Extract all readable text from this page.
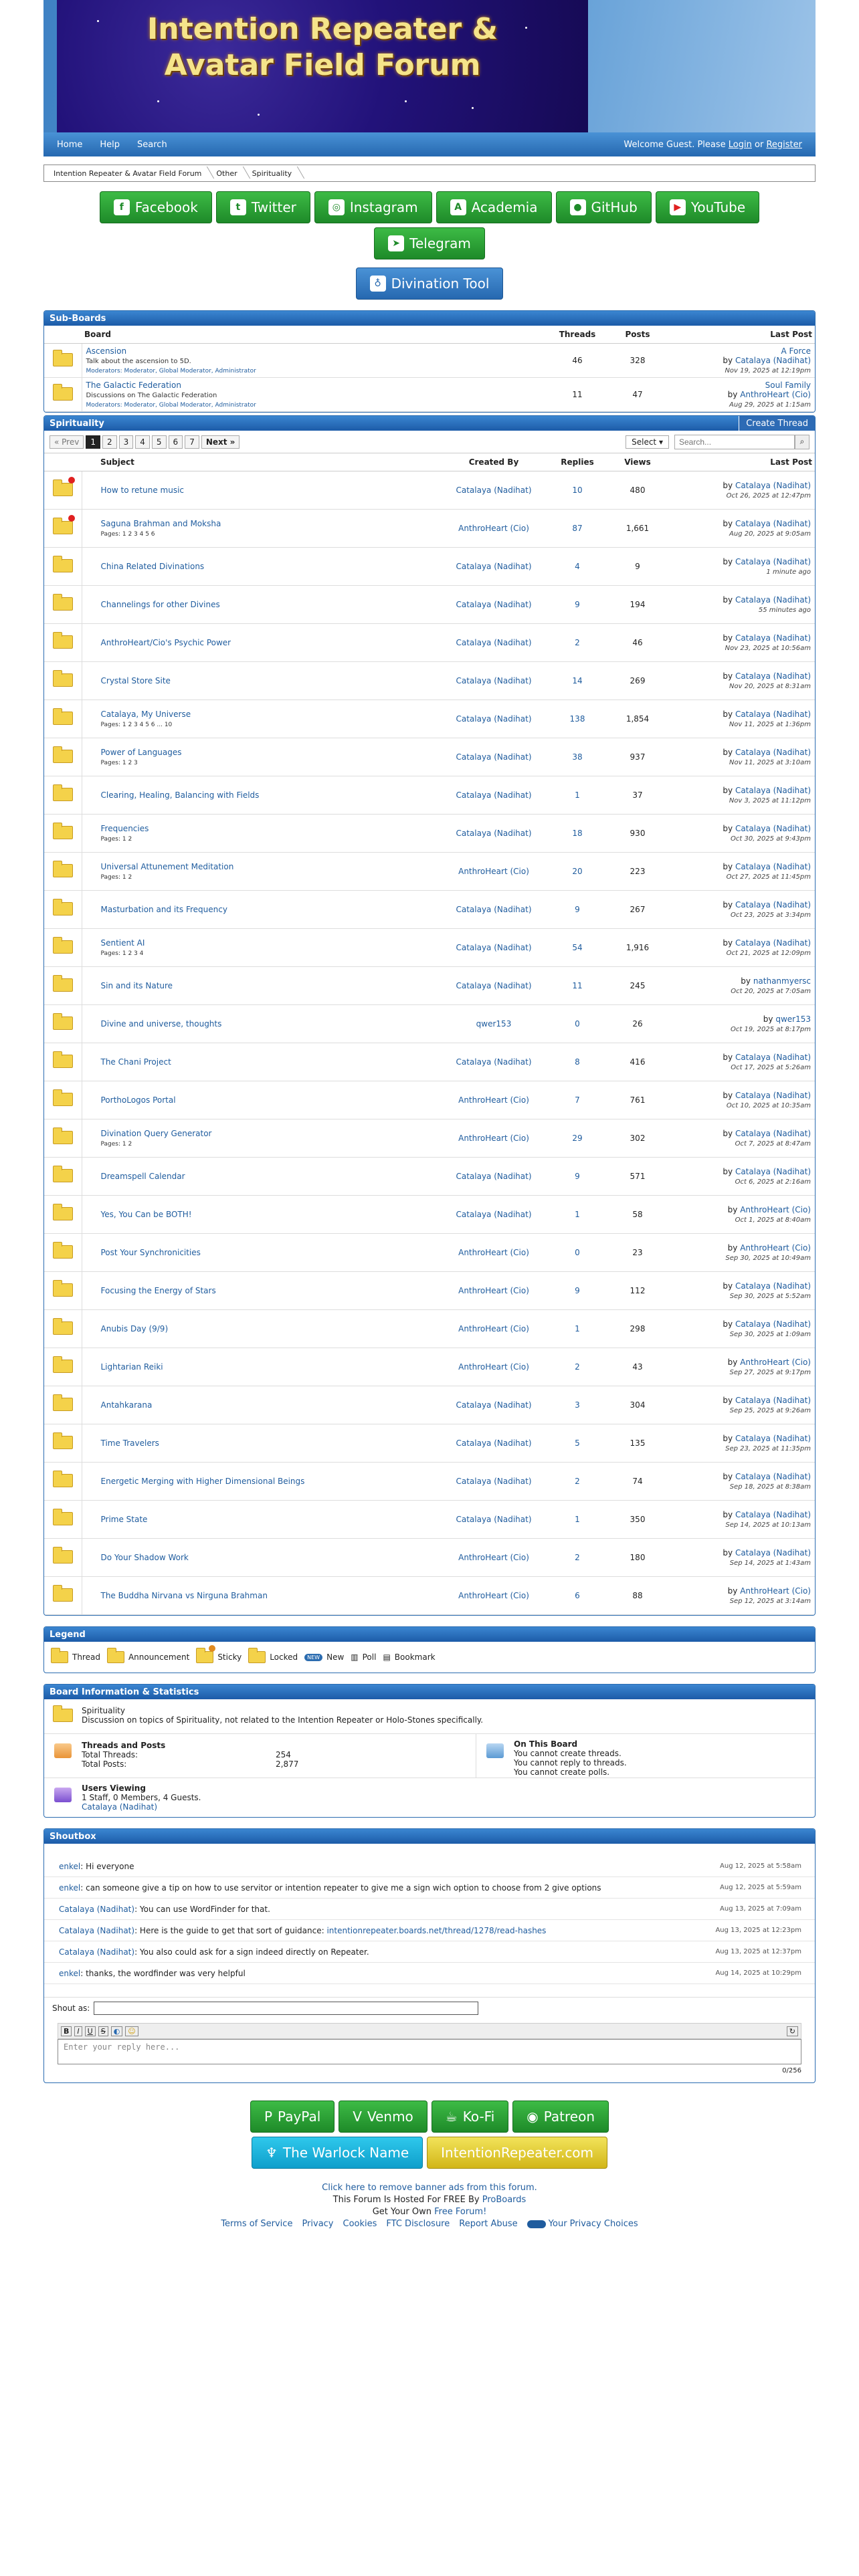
Intention Repeater &
Avatar Field Forum
Home Help Search	Welcome Guest. Please Login or Register
Intention Repeater & Avatar Field Forum	Other	Spirituality
f Facebook	t Twitter	◎ Instagram	A Academia	● GitHub	▶ YouTube
➤ Telegram
♁ Divination Tool
Sub-Boards
	Board	Threads	Posts	Last Post
	Ascension
Talk about the ascension to 5D.
Moderators: Moderator, Global Moderator, Administrator	46	328	A Force
by Catalaya (Nadihat)
Nov 19, 2025 at 12:19pm
	The Galactic Federation
Discussions on The Galactic Federation
Moderators: Moderator, Global Moderator, Administrator	11	47	Soul Family
by AnthroHeart (Cio)
Aug 29, 2025 at 1:15am
Spirituality	Create Thread
« Prev	1	2	3	4	5	6	7	Next »	Select ▾
Search...	⌕
	Subject	Created By	Replies	Views	Last Post

	How to retune music	Catalaya (Nadihat)	10	480	by Catalaya (Nadihat)
Oct 26, 2025 at 12:47pm

	Saguna Brahman and Moksha
Pages: 1 2 3 4 5 6	AnthroHeart (Cio)	87	1,661	by Catalaya (Nadihat)
Aug 20, 2025 at 9:05am
	China Related Divinations	Catalaya (Nadihat)	4	9	by Catalaya (Nadihat)
1 minute ago
	Channelings for other Divines	Catalaya (Nadihat)	9	194	by Catalaya (Nadihat)
55 minutes ago
	AnthroHeart/Cio's Psychic Power	Catalaya (Nadihat)	2	46	by Catalaya (Nadihat)
Nov 23, 2025 at 10:56am
	Crystal Store Site	Catalaya (Nadihat)	14	269	by Catalaya (Nadihat)
Nov 20, 2025 at 8:31am
	Catalaya, My Universe
Pages: 1 2 3 4 5 6 ... 10	Catalaya (Nadihat)	138	1,854	by Catalaya (Nadihat)
Nov 11, 2025 at 1:36pm
	Power of Languages
Pages: 1 2 3	Catalaya (Nadihat)	38	937	by Catalaya (Nadihat)
Nov 11, 2025 at 3:10am
	Clearing, Healing, Balancing with Fields	Catalaya (Nadihat)	1	37	by Catalaya (Nadihat)
Nov 3, 2025 at 11:12pm
	Frequencies
Pages: 1 2	Catalaya (Nadihat)	18	930	by Catalaya (Nadihat)
Oct 30, 2025 at 9:43pm
	Universal Attunement Meditation
Pages: 1 2	AnthroHeart (Cio)	20	223	by Catalaya (Nadihat)
Oct 27, 2025 at 11:45pm
	Masturbation and its Frequency	Catalaya (Nadihat)	9	267	by Catalaya (Nadihat)
Oct 23, 2025 at 3:34pm
	Sentient AI
Pages: 1 2 3 4	Catalaya (Nadihat)	54	1,916	by Catalaya (Nadihat)
Oct 21, 2025 at 12:09pm
	Sin and its Nature	Catalaya (Nadihat)	11	245	by nathanmyersc
Oct 20, 2025 at 7:05am
	Divine and universe, thoughts	qwer153	0	26	by qwer153
Oct 19, 2025 at 8:17pm
	The Chani Project	Catalaya (Nadihat)	8	416	by Catalaya (Nadihat)
Oct 17, 2025 at 5:26am
	PorthoLogos Portal	AnthroHeart (Cio)	7	761	by Catalaya (Nadihat)
Oct 10, 2025 at 10:35am
	Divination Query Generator
Pages: 1 2	AnthroHeart (Cio)	29	302	by Catalaya (Nadihat)
Oct 7, 2025 at 8:47am
	Dreamspell Calendar	Catalaya (Nadihat)	9	571	by Catalaya (Nadihat)
Oct 6, 2025 at 2:16am
	Yes, You Can be BOTH!	Catalaya (Nadihat)	1	58	by AnthroHeart (Cio)
Oct 1, 2025 at 8:40am
	Post Your Synchronicities	AnthroHeart (Cio)	0	23	by AnthroHeart (Cio)
Sep 30, 2025 at 10:49am
	Focusing the Energy of Stars	AnthroHeart (Cio)	9	112	by Catalaya (Nadihat)
Sep 30, 2025 at 5:52am
	Anubis Day (9/9)	AnthroHeart (Cio)	1	298	by Catalaya (Nadihat)
Sep 30, 2025 at 1:09am
	Lightarian Reiki	AnthroHeart (Cio)	2	43	by AnthroHeart (Cio)
Sep 27, 2025 at 9:17pm
	Antahkarana	Catalaya (Nadihat)	3	304	by Catalaya (Nadihat)
Sep 25, 2025 at 9:26am
	Time Travelers	Catalaya (Nadihat)	5	135	by Catalaya (Nadihat)
Sep 23, 2025 at 11:35pm
	Energetic Merging with Higher Dimensional Beings	Catalaya (Nadihat)	2	74	by Catalaya (Nadihat)
Sep 18, 2025 at 8:38am
	Prime State	Catalaya (Nadihat)	1	350	by Catalaya (Nadihat)
Sep 14, 2025 at 10:13am
	Do Your Shadow Work	AnthroHeart (Cio)	2	180	by Catalaya (Nadihat)
Sep 14, 2025 at 1:43am
	The Buddha Nirvana vs Nirguna Brahman	AnthroHeart (Cio)	6	88	by AnthroHeart (Cio)
Sep 12, 2025 at 3:14am
Legend
Thread	Announcement	Sticky	Locked	NEW New ▥ Poll ▤ Bookmark
Board Information & Statistics
Spirituality
Discussion on topics of Spirituality, not related to the Intention Repeater or Holo-Stones specifically.
Threads and Posts
Total Threads:	254
Total Posts:	2,877
On This Board
You cannot create threads.
You cannot reply to threads.
You cannot create polls.
Users Viewing
1 Staff, 0 Members, 4 Guests.
Catalaya (Nadihat)
Shoutbox
enkel: Hi everyone	Aug 12, 2025 at 5:58am
enkel: can someone give a tip on how to use servitor or intention repeater to give me a sign wich option to choose from 2 give options	Aug 12, 2025 at 5:59am
Catalaya (Nadihat): You can use WordFinder for that.	Aug 13, 2025 at 7:09am
Catalaya (Nadihat): Here is the guide to get that sort of guidance: intentionrepeater.boards.net/thread/1278/read-hashes	Aug 13, 2025 at 12:23pm
Catalaya (Nadihat): You also could ask for a sign indeed directly on Repeater.	Aug 13, 2025 at 12:37pm
enkel: thanks, the wordfinder was very helpful	Aug 14, 2025 at 10:29pm
Shout as:
B	I	U	S	◐	☺	↻
Enter your reply here...
0/256
P PayPal V Venmo ☕ Ko-Fi ◉ Patreon
♆ The Warlock Name IntentionRepeater.com
Click here to remove banner ads from this forum.
This Forum Is Hosted For FREE By ProBoards
Get Your Own Free Forum!
Terms of Service Privacy Cookies FTC Disclosure Report Abuse	Your Privacy Choices
